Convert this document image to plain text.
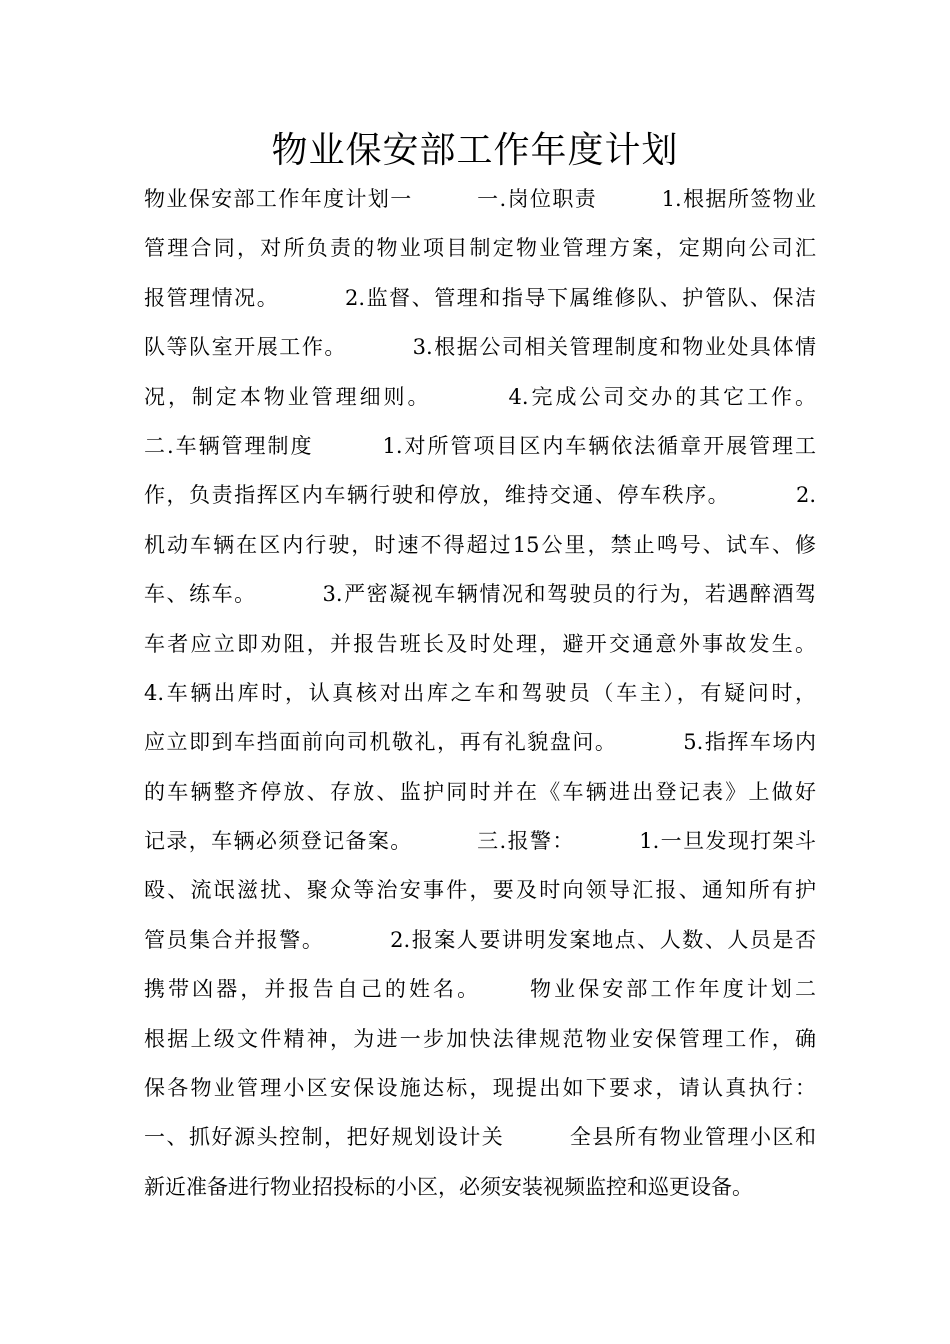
物业保安部工作年度计划
物业保安部工作年度计划一        一.岗位职责        1.根据所签物业
管理合同，对所负责的物业项目制定物业管理方案，定期向公司汇
报管理情况。        2.监督、管理和指导下属维修队、护管队、保洁
队等队室开展工作。        3.根据公司相关管理制度和物业处具体情
况，制定本物业管理细则。        4.完成公司交办的其它工作。
二.车辆管理制度        1.对所管项目区内车辆依法循章开展管理工
作，负责指挥区内车辆行驶和停放，维持交通、停车秩序。        2.
机动车辆在区内行驶，时速不得超过15公里，禁止鸣号、试车、修
车、练车。        3.严密凝视车辆情况和驾驶员的行为，若遇醉酒驾
车者应立即劝阻，并报告班长及时处理，避开交通意外事故发生。
4.车辆出库时，认真核对出库之车和驾驶员（车主），有疑问时，
应立即到车挡面前向司机敬礼，再有礼貌盘问。        5.指挥车场内
的车辆整齐停放、存放、监护同时并在《车辆进出登记表》上做好
记录，车辆必须登记备案。        三.报警：        1.一旦发现打架斗
殴、流氓滋扰、聚众等治安事件，要及时向领导汇报、通知所有护
管员集合并报警。        2.报案人要讲明发案地点、人数、人员是否
携带凶器，并报告自己的姓名。     物业保安部工作年度计划二
根据上级文件精神，为进一步加快法律规范物业安保管理工作，确
保各物业管理小区安保设施达标，现提出如下要求，请认真执行：
一、抓好源头控制，把好规划设计关        全县所有物业管理小区和
新近准备进行物业招投标的小区，必须安装视频监控和巡更设备。
